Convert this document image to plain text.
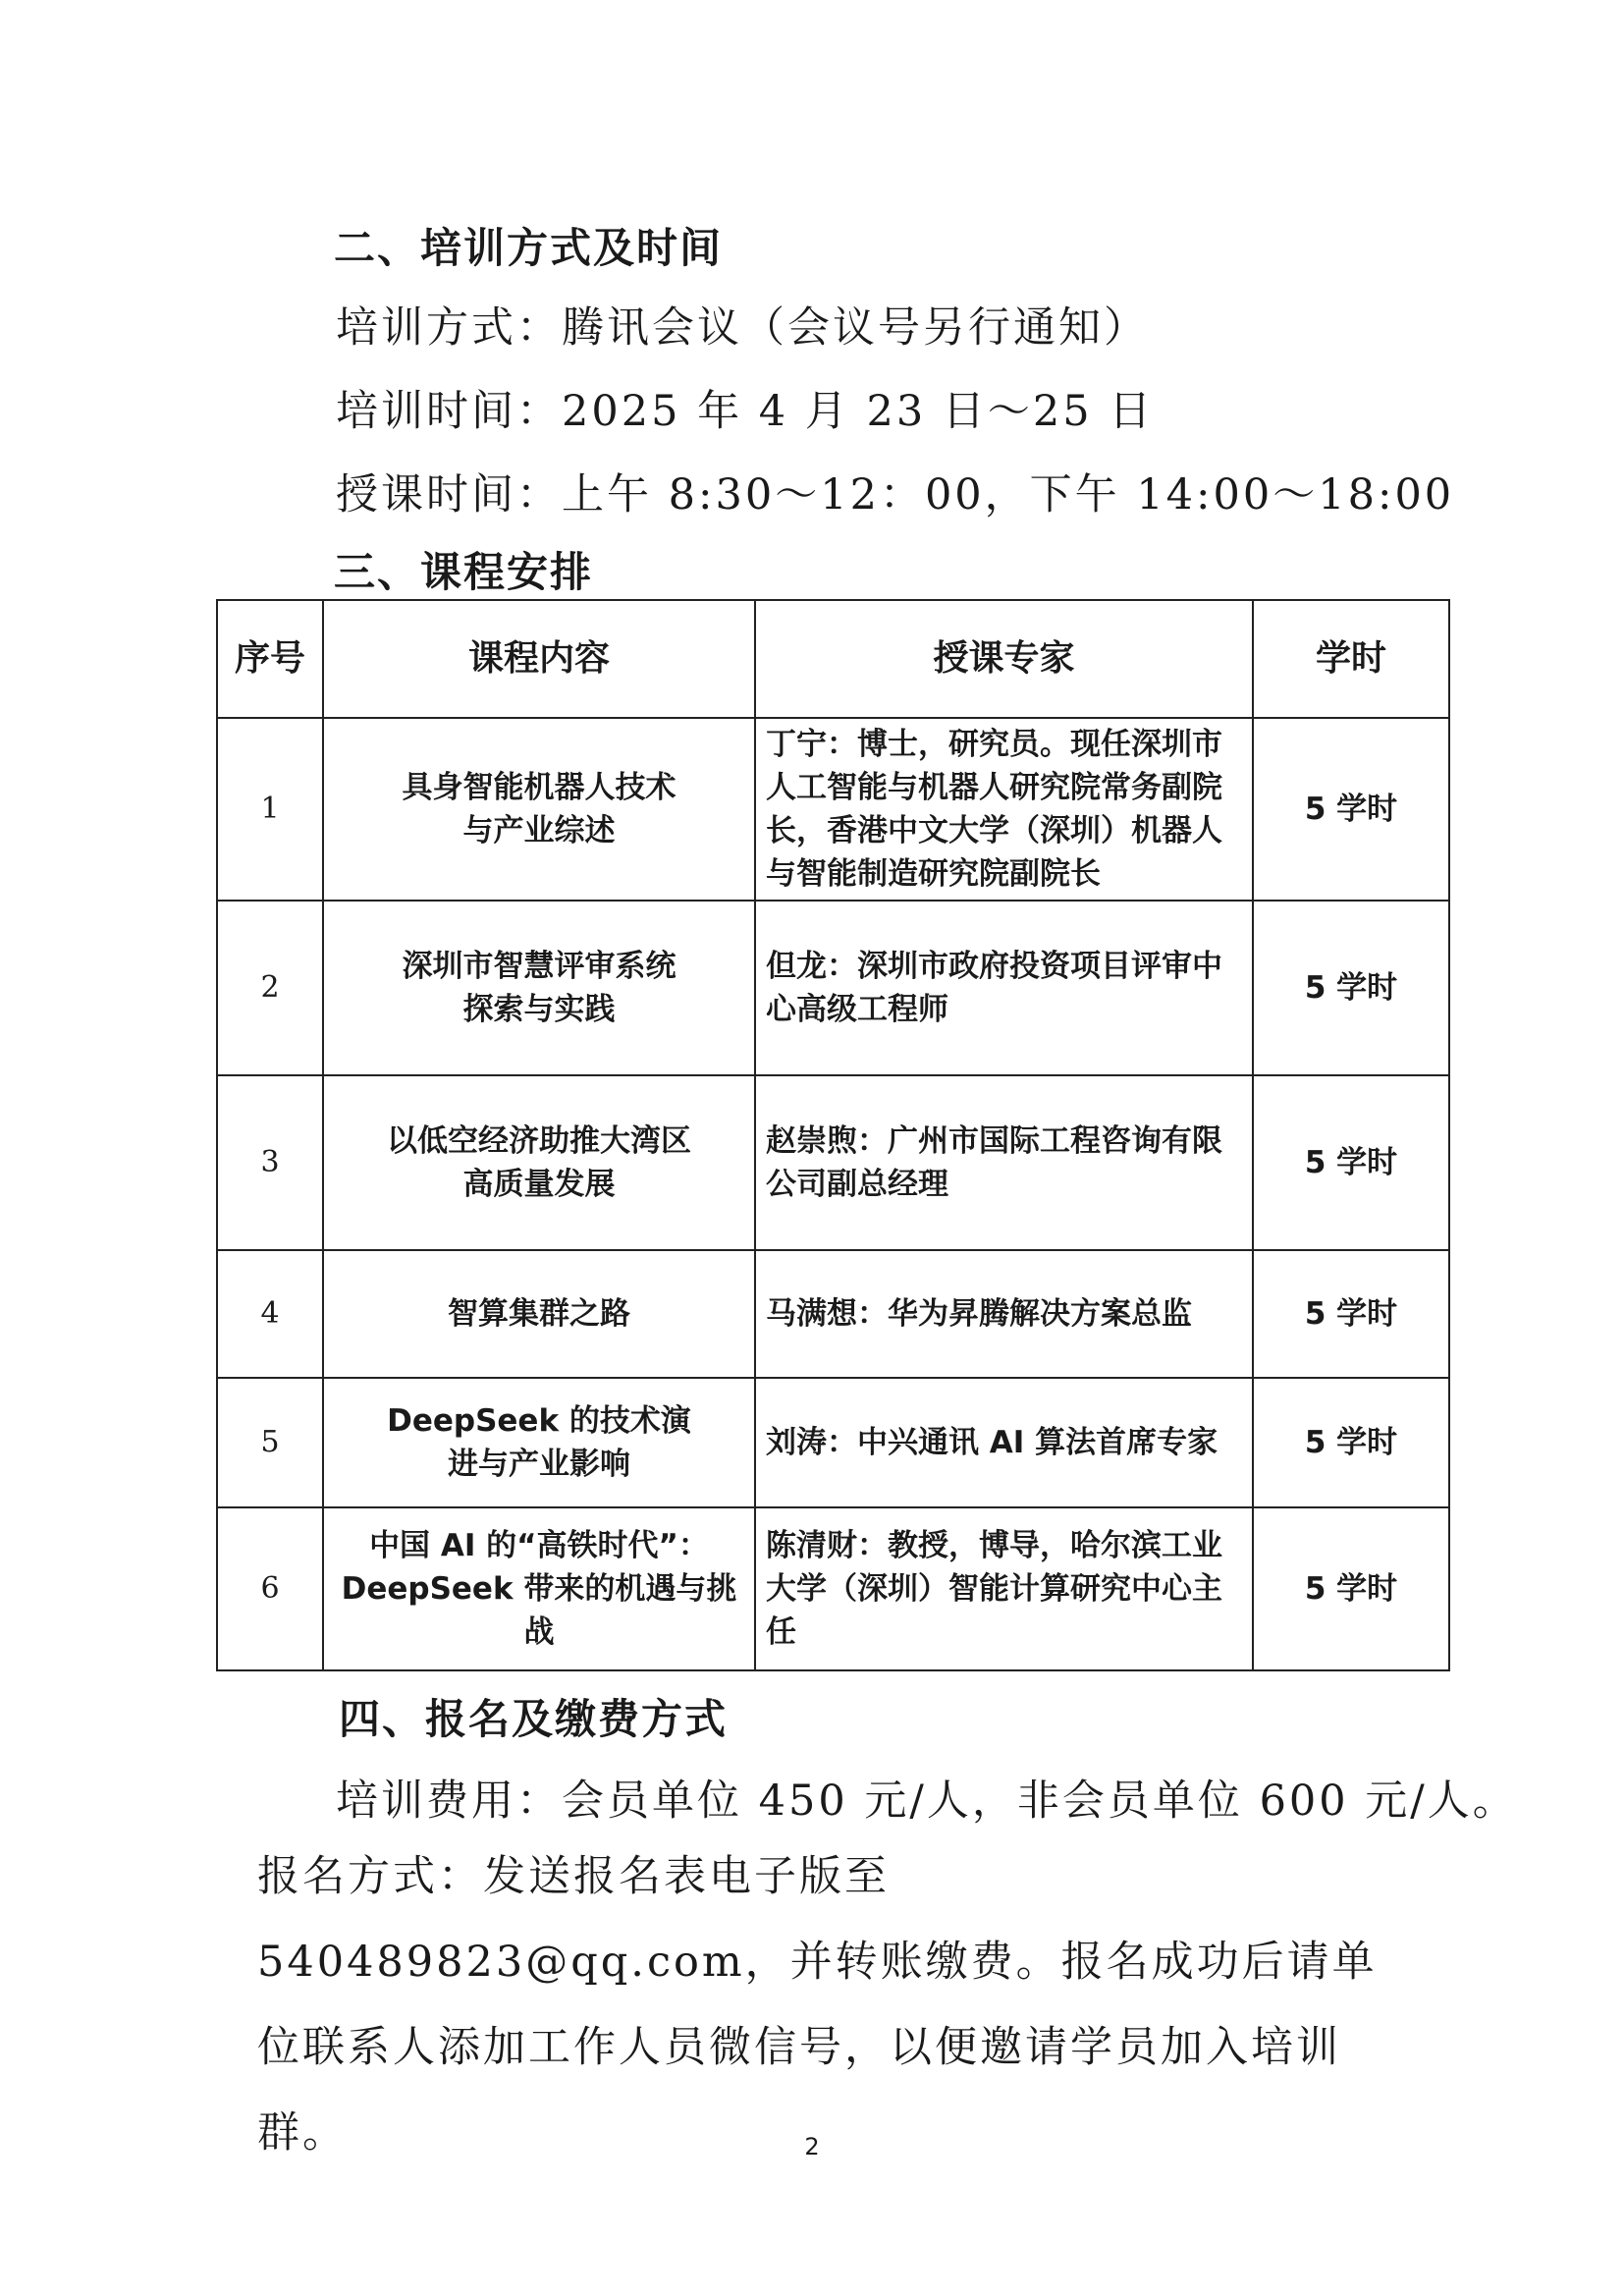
二、培训方式及时间
培训方式：腾讯会议（会议号另行通知）
培训时间：2025 年 4 月 23 日～25 日
授课时间：上午 8:30～12：00，下午 14:00～18:00
三、课程安排
序号	课程内容	授课专家	学时
1	具身智能机器人技术与产业综述	丁宁：博士，研究员。现任深圳市人工智能与机器人研究院常务副院长，香港中文大学（深圳）机器人与智能制造研究院副院长	5 学时
2	深圳市智慧评审系统探索与实践	但龙：深圳市政府投资项目评审中心高级工程师	5 学时
3	以低空经济助推大湾区高质量发展	赵崇煦：广州市国际工程咨询有限公司副总经理	5 学时
4	智算集群之路	马满想：华为昇腾解决方案总监	5 学时
5	DeepSeek 的技术演进与产业影响	刘涛：中兴通讯 AI 算法首席专家	5 学时
6	中国 AI 的“高铁时代”：DeepSeek 带来的机遇与挑战	陈清财：教授，博导，哈尔滨工业大学（深圳）智能计算研究中心主任	5 学时
四、报名及缴费方式
培训费用：会员单位 450 元/人，非会员单位 600 元/人。
报名方式：发送报名表电子版至 540489823@qq.com，并转账缴费。报名成功后请单位联系人添加工作人员微信号，以便邀请学员加入培训群。	2
